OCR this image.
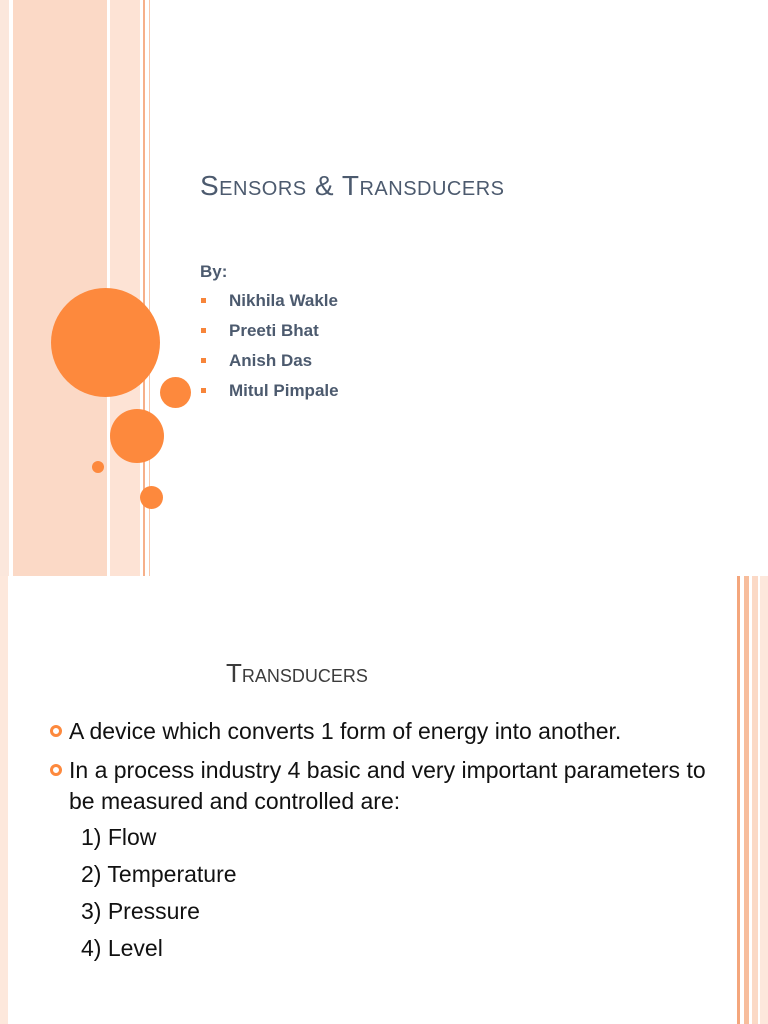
Sensors & Transducers

By:

Nikhila Wakle
Preeti Bhat
Anish Das
Mitul Pimpale
Transducers
A device which converts 1 form of energy into another.
In a process industry 4 basic and very important parameters to be measured and controlled are:
1) Flow
2) Temperature
3) Pressure
4) Level
